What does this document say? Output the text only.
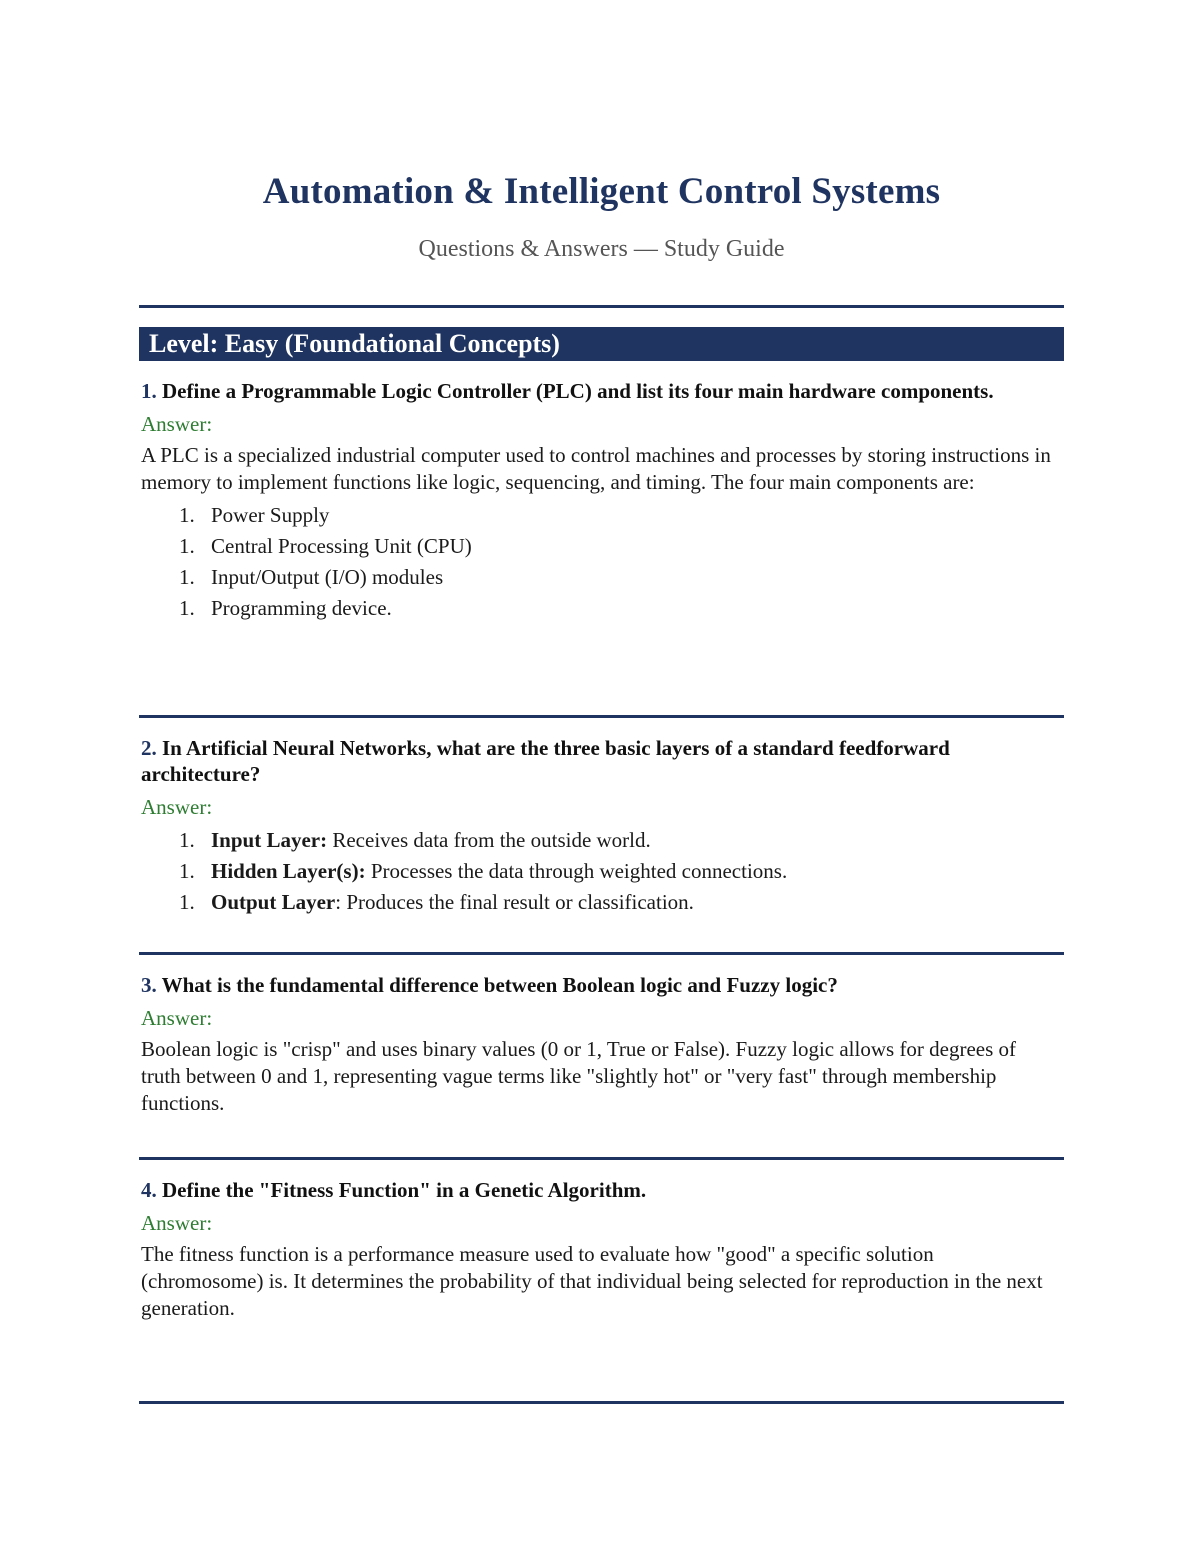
Automation & Intelligent Control Systems
Questions & Answers — Study Guide
Level: Easy (Foundational Concepts)
1. Define a Programmable Logic Controller (PLC) and list its four main hardware components.
Answer:
A PLC is a specialized industrial computer used to control machines and processes by storing instructions in memory to implement functions like logic, sequencing, and timing. The four main components are:
1. Power Supply
1. Central Processing Unit (CPU)
1. Input/Output (I/O) modules
1. Programming device.
2. In Artificial Neural Networks, what are the three basic layers of a standard feedforward architecture?
Answer:
1. Input Layer: Receives data from the outside world.
1. Hidden Layer(s): Processes the data through weighted connections.
1. Output Layer: Produces the final result or classification.
3. What is the fundamental difference between Boolean logic and Fuzzy logic?
Answer:
Boolean logic is "crisp" and uses binary values (0 or 1, True or False). Fuzzy logic allows for degrees of truth between 0 and 1, representing vague terms like "slightly hot" or "very fast" through membership functions.
4. Define the "Fitness Function" in a Genetic Algorithm.
Answer:
The fitness function is a performance measure used to evaluate how "good" a specific solution (chromosome) is. It determines the probability of that individual being selected for reproduction in the next generation.
